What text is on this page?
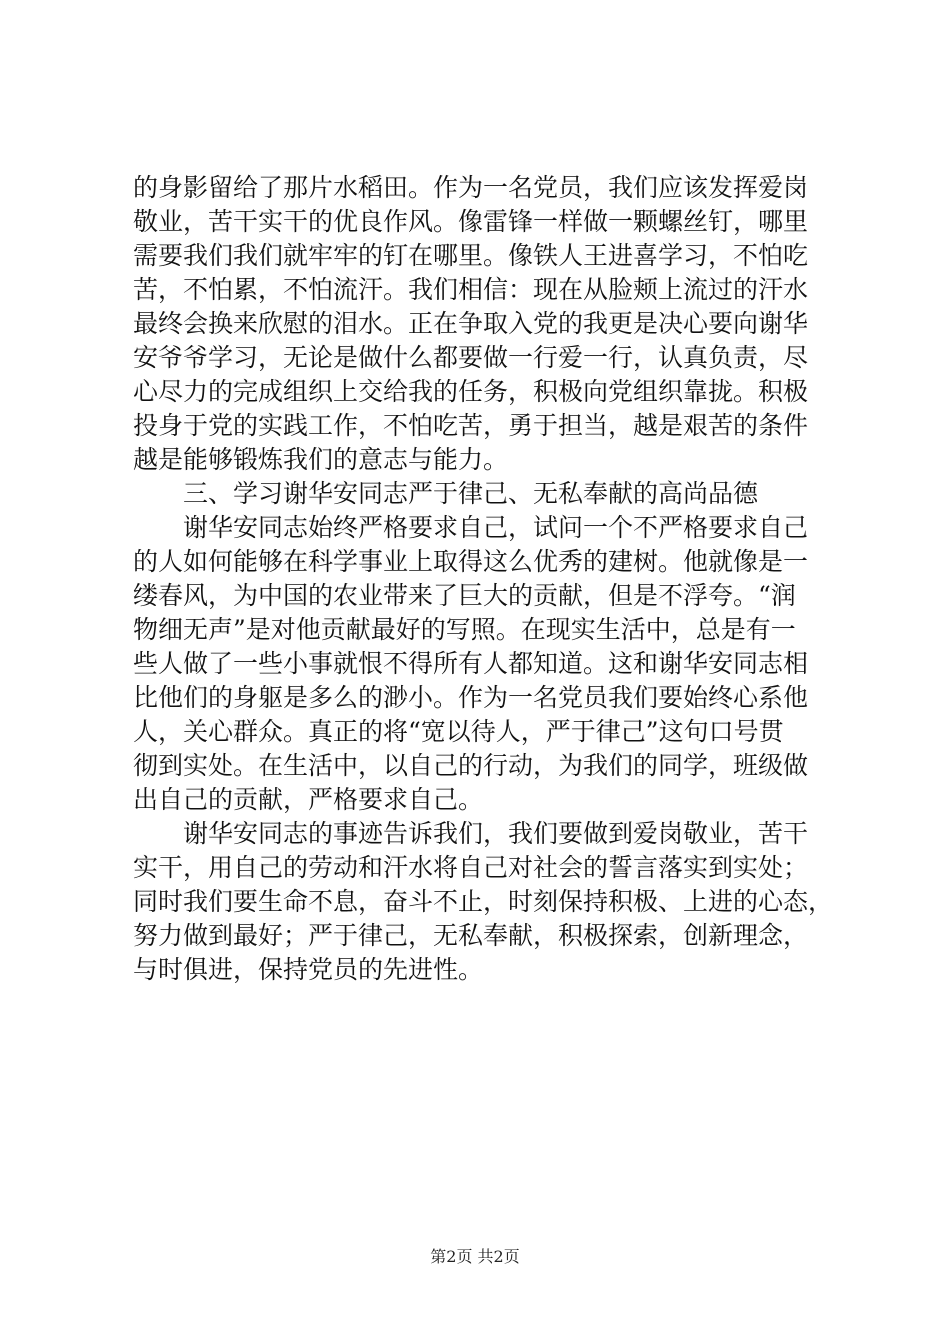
的身影留给了那片水稻田。作为一名党员，我们应该发挥爱岗
敬业，苦干实干的优良作风。像雷锋一样做一颗螺丝钉，哪里
需要我们我们就牢牢的钉在哪里。像铁人王进喜学习，不怕吃
苦，不怕累，不怕流汗。我们相信：现在从脸颊上流过的汗水
最终会换来欣慰的泪水。正在争取入党的我更是决心要向谢华
安爷爷学习，无论是做什么都要做一行爱一行，认真负责，尽
心尽力的完成组织上交给我的任务，积极向党组织靠拢。积极
投身于党的实践工作，不怕吃苦，勇于担当，越是艰苦的条件
越是能够锻炼我们的意志与能力。
　　三、学习谢华安同志严于律己、无私奉献的高尚品德
　　谢华安同志始终严格要求自己，试问一个不严格要求自己
的人如何能够在科学事业上取得这么优秀的建树。他就像是一
缕春风，为中国的农业带来了巨大的贡献，但是不浮夸。“润
物细无声”是对他贡献最好的写照。在现实生活中，总是有一
些人做了一些小事就恨不得所有人都知道。这和谢华安同志相
比他们的身躯是多么的渺小。作为一名党员我们要始终心系他
人，关心群众。真正的将“宽以待人，严于律己”这句口号贯
彻到实处。在生活中，以自己的行动，为我们的同学，班级做
出自己的贡献，严格要求自己。
　　谢华安同志的事迹告诉我们，我们要做到爱岗敬业，苦干
实干，用自己的劳动和汗水将自己对社会的誓言落实到实处；
同时我们要生命不息，奋斗不止，时刻保持积极、上进的心态，
努力做到最好；严于律己，无私奉献，积极探索，创新理念，
与时俱进，保持党员的先进性。
第2页 共2页
